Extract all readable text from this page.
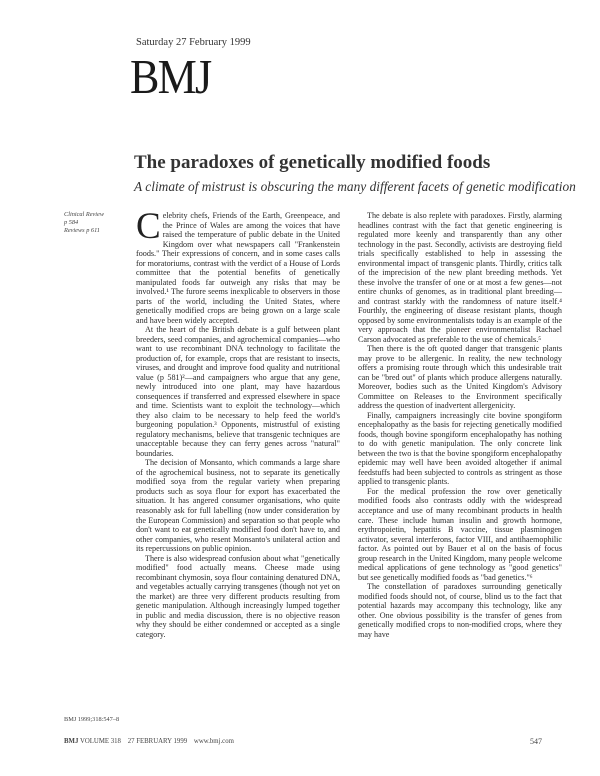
Saturday 27 February 1999
BMJ
The paradoxes of genetically modified foods
A climate of mistrust is obscuring the many different facets of genetic modification
Clinical Review
p 584
Reviews p 611 Celebrity chefs, Friends of the Earth, Greenpeace, and the Prince of Wales are among the voices that have raised the temperature of public debate in the United Kingdom over what newspapers call "Frankenstein foods." Their expressions of concern, and in some cases calls for moratoriums, contrast with the verdict of a House of Lords committee that the potential benefits of genetically manipulated foods far outweigh any risks that may be involved.¹ The furore seems inexplicable to observers in those parts of the world, including the United States, where genetically modified crops are being grown on a large scale and have been widely accepted.

At the heart of the British debate is a gulf between plant breeders, seed companies, and agrochemical companies—who want to use recombinant DNA technology to facilitate the production of, for example, crops that are resistant to insects, viruses, and drought and improve food quality and nutritional value (p 581)²—and campaigners who argue that any gene, newly introduced into one plant, may have hazardous consequences if transferred and expressed elsewhere in space and time. Scientists want to exploit the technology—which they also claim to be necessary to help feed the world's burgeoning population.³ Opponents, mistrustful of existing regulatory mechanisms, believe that transgenic techniques are unacceptable because they can ferry genes across "natural" boundaries.

The decision of Monsanto, which commands a large share of the agrochemical business, not to separate its genetically modified soya from the regular variety when preparing products such as soya flour for export has exacerbated the situation. It has angered consumer organisations, who quite reasonably ask for full labelling (now under consideration by the European Commission) and separation so that people who don't want to eat genetically modified food don't have to, and other companies, who resent Monsanto's unilateral action and its repercussions on public opinion.

There is also widespread confusion about what "genetically modified" food actually means. Cheese made using recombinant chymosin, soya flour containing denatured DNA, and vegetables actually carrying transgenes (though not yet on the market) are three very different products resulting from genetic manipulation. Although increasingly lumped together in public and media discussion, there is no objective reason why they should be either condemned or accepted as a single category.

The debate is also replete with paradoxes. Firstly, alarming headlines contrast with the fact that genetic engineering is regulated more keenly and transparently than any other technology in the past. Secondly, activists are destroying field trials specifically established to help in assessing the environmental impact of transgenic plants. Thirdly, critics talk of the imprecision of the new plant breeding methods. Yet these involve the transfer of one or at most a few genes—not entire chunks of genomes, as in traditional plant breeding—and contrast starkly with the randomness of nature itself.⁴ Fourthly, the engineering of disease resistant plants, though opposed by some environmentalists today is an example of the very approach that the pioneer environmentalist Rachael Carson advocated as preferable to the use of chemicals.⁵

Then there is the oft quoted danger that transgenic plants may prove to be allergenic. In reality, the new technology offers a promising route through which this undesirable trait can be "bred out" of plants which produce allergens naturally. Moreover, bodies such as the United Kingdom's Advisory Committee on Releases to the Environment specifically address the question of inadvertent allergenicity.

Finally, campaigners increasingly cite bovine spongiform encephalopathy as the basis for rejecting genetically modified foods, though bovine spongiform encephalopathy has nothing to do with genetic manipulation. The only concrete link between the two is that the bovine spongiform encephalopathy epidemic may well have been avoided altogether if animal feedstuffs had been subjected to controls as stringent as those applied to transgenic plants.

For the medical profession the row over genetically modified foods also contrasts oddly with the widespread acceptance and use of many recombinant products in health care. These include human insulin and growth hormone, erythropoietin, hepatitis B vaccine, tissue plasminogen activator, several interferons, factor VIII, and antihaemophilic factor. As pointed out by Bauer et al on the basis of focus group research in the United Kingdom, many people welcome medical applications of gene technology as "good genetics" but see genetically modified foods as "bad genetics."⁶

The constellation of paradoxes surrounding genetically modified foods should not, of course, blind us to the fact that potential hazards may accompany this technology, like any other. One obvious possibility is the transfer of genes from genetically modified crops to non-modified crops, where they may have

BMJ 1999;318:547–8
BMJ VOLUME 318    27 FEBRUARY 1999    www.bmj.com	547
